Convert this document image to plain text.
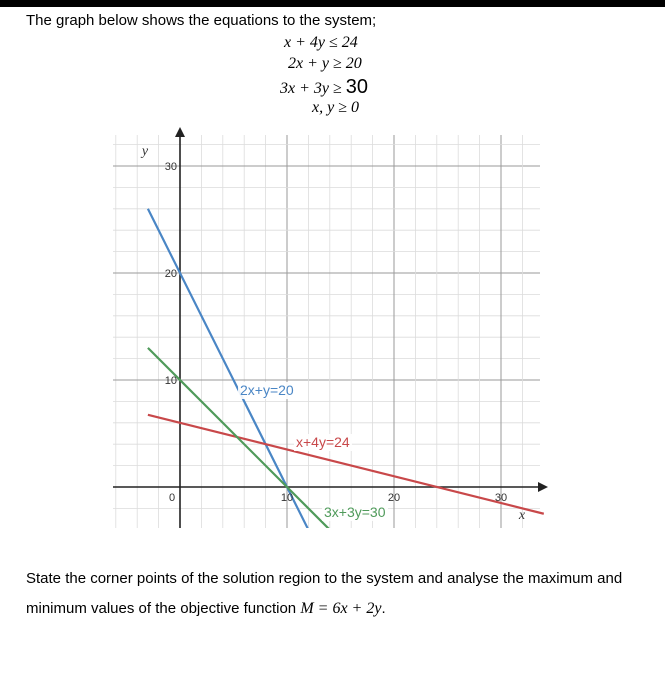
The graph below shows the equations to the system;
x + 4y ≤ 24
2x + y ≥ 20
3x + 3y ≥ 30
x, y ≥ 0
10	20	30
10
20
30
0
x
y
2x+y=20
x+4y=24
3x+3y=30
State the corner points of the solution region to the system and analyse the maximum and minimum values of the objective function M = 6x + 2y.
